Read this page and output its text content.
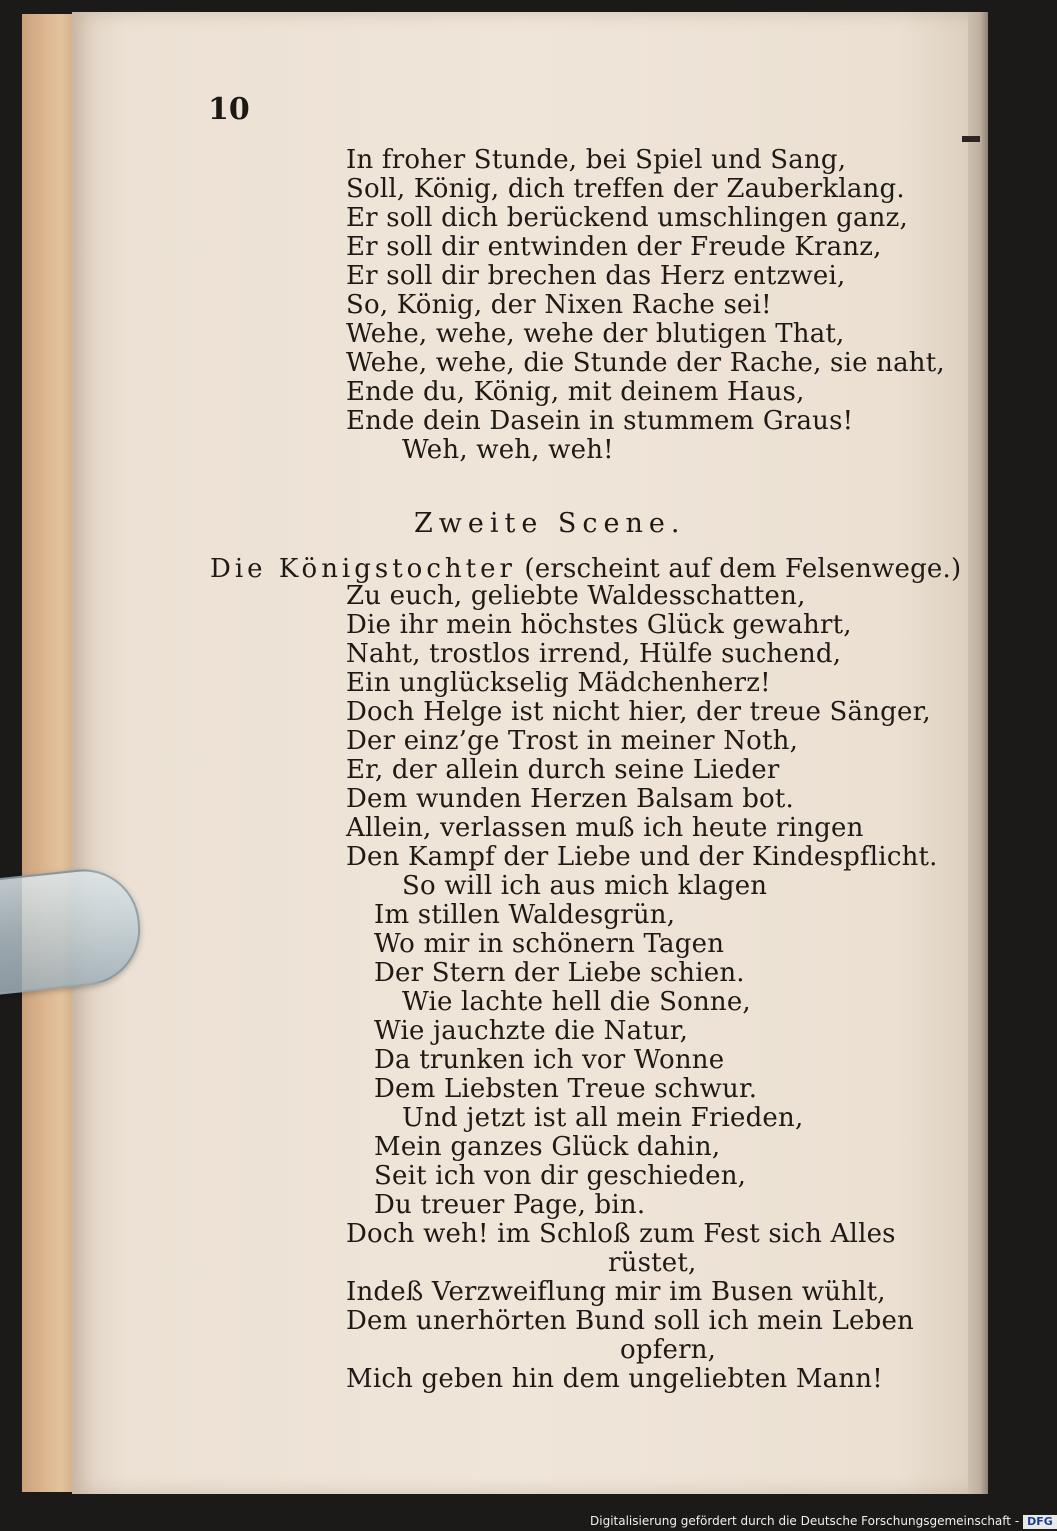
10
In froher Stunde, bei Spiel und Sang,
Soll, König, dich treffen der Zauberklang.
Er soll dich berückend umschlingen ganz,
Er soll dir entwinden der Freude Kranz,
Er soll dir brechen das Herz entzwei,
So, König, der Nixen Rache sei!
Wehe, wehe, wehe der blutigen That,
Wehe, wehe, die Stunde der Rache, sie naht,
Ende du, König, mit deinem Haus,
Ende dein Dasein in stummem Graus!
Weh, weh, weh!
Zweite Scene.
Die Königstochter (erscheint auf dem Felsenwege.)
Zu euch, geliebte Waldesschatten,
Die ihr mein höchstes Glück gewahrt,
Naht, trostlos irrend, Hülfe suchend,
Ein unglückselig Mädchenherz!
Doch Helge ist nicht hier, der treue Sänger,
Der einz’ge Trost in meiner Noth,
Er, der allein durch seine Lieder
Dem wunden Herzen Balsam bot.
Allein, verlassen muß ich heute ringen
Den Kampf der Liebe und der Kindespflicht.
So will ich aus mich klagen
Im stillen Waldesgrün,
Wo mir in schönern Tagen
Der Stern der Liebe schien.
Wie lachte hell die Sonne,
Wie jauchzte die Natur,
Da trunken ich vor Wonne
Dem Liebsten Treue schwur.
Und jetzt ist all mein Frieden,
Mein ganzes Glück dahin,
Seit ich von dir geschieden,
Du treuer Page, bin.
Doch weh! im Schloß zum Fest sich Alles
rüstet,
Indeß Verzweiflung mir im Busen wühlt,
Dem unerhörten Bund soll ich mein Leben
opfern,
Mich geben hin dem ungeliebten Mann!
Digitalisierung gefördert durch die Deutsche Forschungsgemeinschaft - DFG
